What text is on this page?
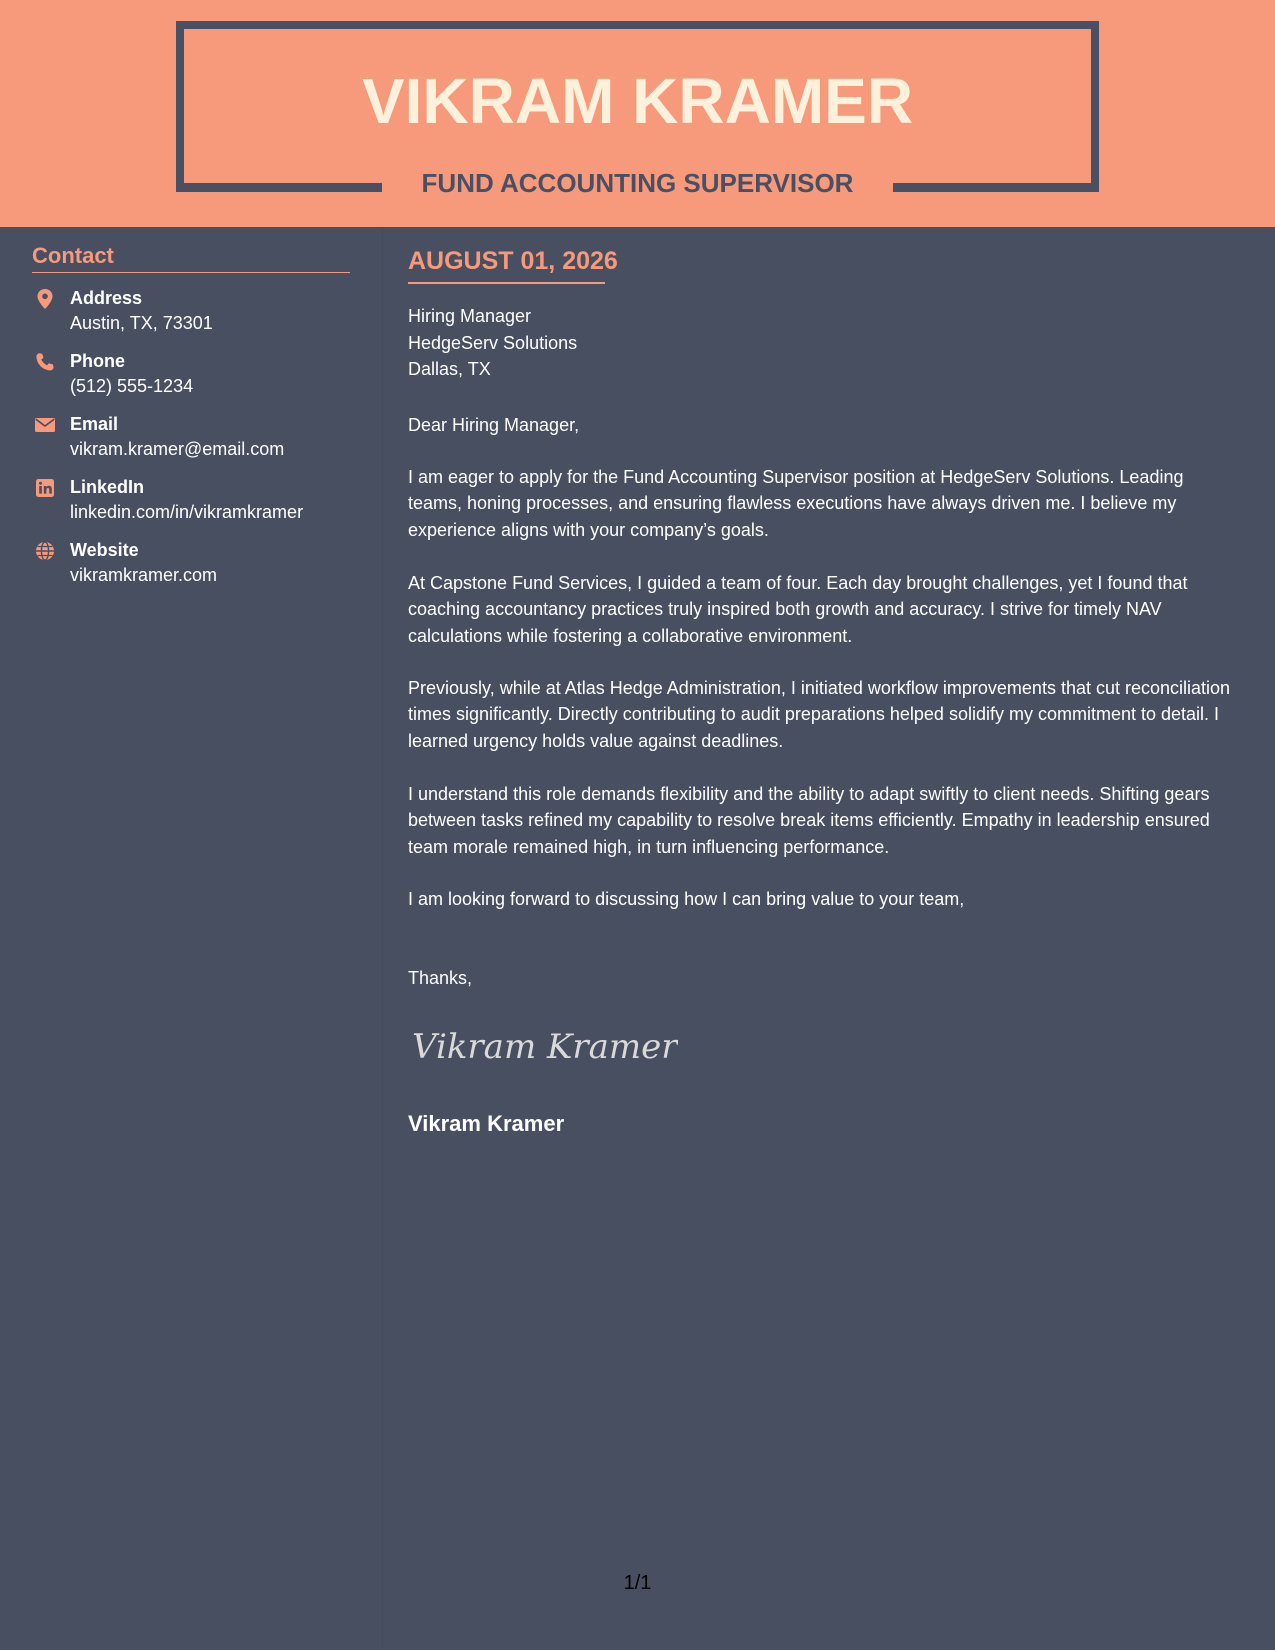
VIKRAM KRAMER
FUND ACCOUNTING SUPERVISOR
Contact
Address
Austin, TX, 73301
Phone
(512) 555-1234
Email
vikram.kramer@email.com
LinkedIn
linkedin.com/in/vikramkramer
Website
vikramkramer.com
AUGUST 01, 2026
Hiring Manager
HedgeServ Solutions
Dallas, TX
Dear Hiring Manager,

I am eager to apply for the Fund Accounting Supervisor position at HedgeServ Solutions. Leading teams, honing processes, and ensuring flawless executions have always driven me. I believe my experience aligns with your company’s goals.

At Capstone Fund Services, I guided a team of four. Each day brought challenges, yet I found that coaching accountancy practices truly inspired both growth and accuracy. I strive for timely NAV calculations while fostering a collaborative environment.

Previously, while at Atlas Hedge Administration, I initiated workflow improvements that cut reconciliation times significantly. Directly contributing to audit preparations helped solidify my commitment to detail. I learned urgency holds value against deadlines.

I understand this role demands flexibility and the ability to adapt swiftly to client needs. Shifting gears between tasks refined my capability to resolve break items efficiently. Empathy in leadership ensured team morale remained high, in turn influencing performance.

I am looking forward to discussing how I can bring value to your team,

Thanks,
Vikram Kramer
Vikram Kramer
1/1
